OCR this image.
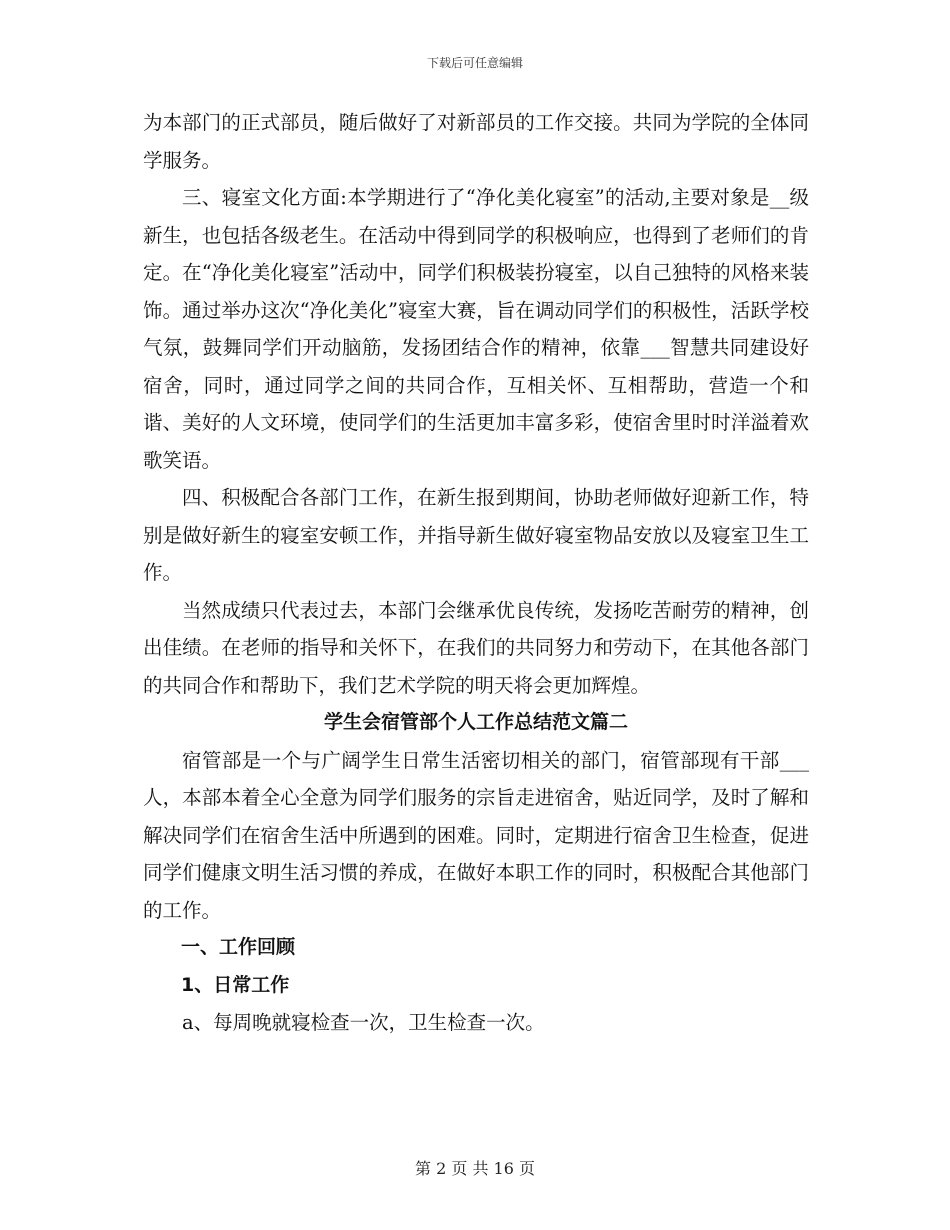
下载后可任意编辑

为本部门的正式部员，随后做好了对新部员的工作交接。共同为学院的全体同学服务。

三、寝室文化方面:本学期进行了“净化美化寝室”的活动,主要对象是__级新生，也包括各级老生。在活动中得到同学的积极响应，也得到了老师们的肯定。在“净化美化寝室”活动中，同学们积极装扮寝室，以自己独特的风格来装饰。通过举办这次“净化美化”寝室大赛，旨在调动同学们的积极性，活跃学校气氛，鼓舞同学们开动脑筋，发扬团结合作的精神，依靠___智慧共同建设好宿舍，同时，通过同学之间的共同合作，互相关怀、互相帮助，营造一个和谐、美好的人文环境，使同学们的生活更加丰富多彩，使宿舍里时时洋溢着欢歌笑语。

四、积极配合各部门工作，在新生报到期间，协助老师做好迎新工作，特别是做好新生的寝室安顿工作，并指导新生做好寝室物品安放以及寝室卫生工作。

当然成绩只代表过去，本部门会继承优良传统，发扬吃苦耐劳的精神，创出佳绩。在老师的指导和关怀下，在我们的共同努力和劳动下，在其他各部门的共同合作和帮助下，我们艺术学院的明天将会更加辉煌。

学生会宿管部个人工作总结范文篇二

宿管部是一个与广阔学生日常生活密切相关的部门，宿管部现有干部___人，本部本着全心全意为同学们服务的宗旨走进宿舍，贴近同学，及时了解和解决同学们在宿舍生活中所遇到的困难。同时，定期进行宿舍卫生检查，促进同学们健康文明生活习惯的养成，在做好本职工作的同时，积极配合其他部门的工作。

一、工作回顾

1、日常工作

a、每周晚就寝检查一次，卫生检查一次。

第 2 页 共 16 页
